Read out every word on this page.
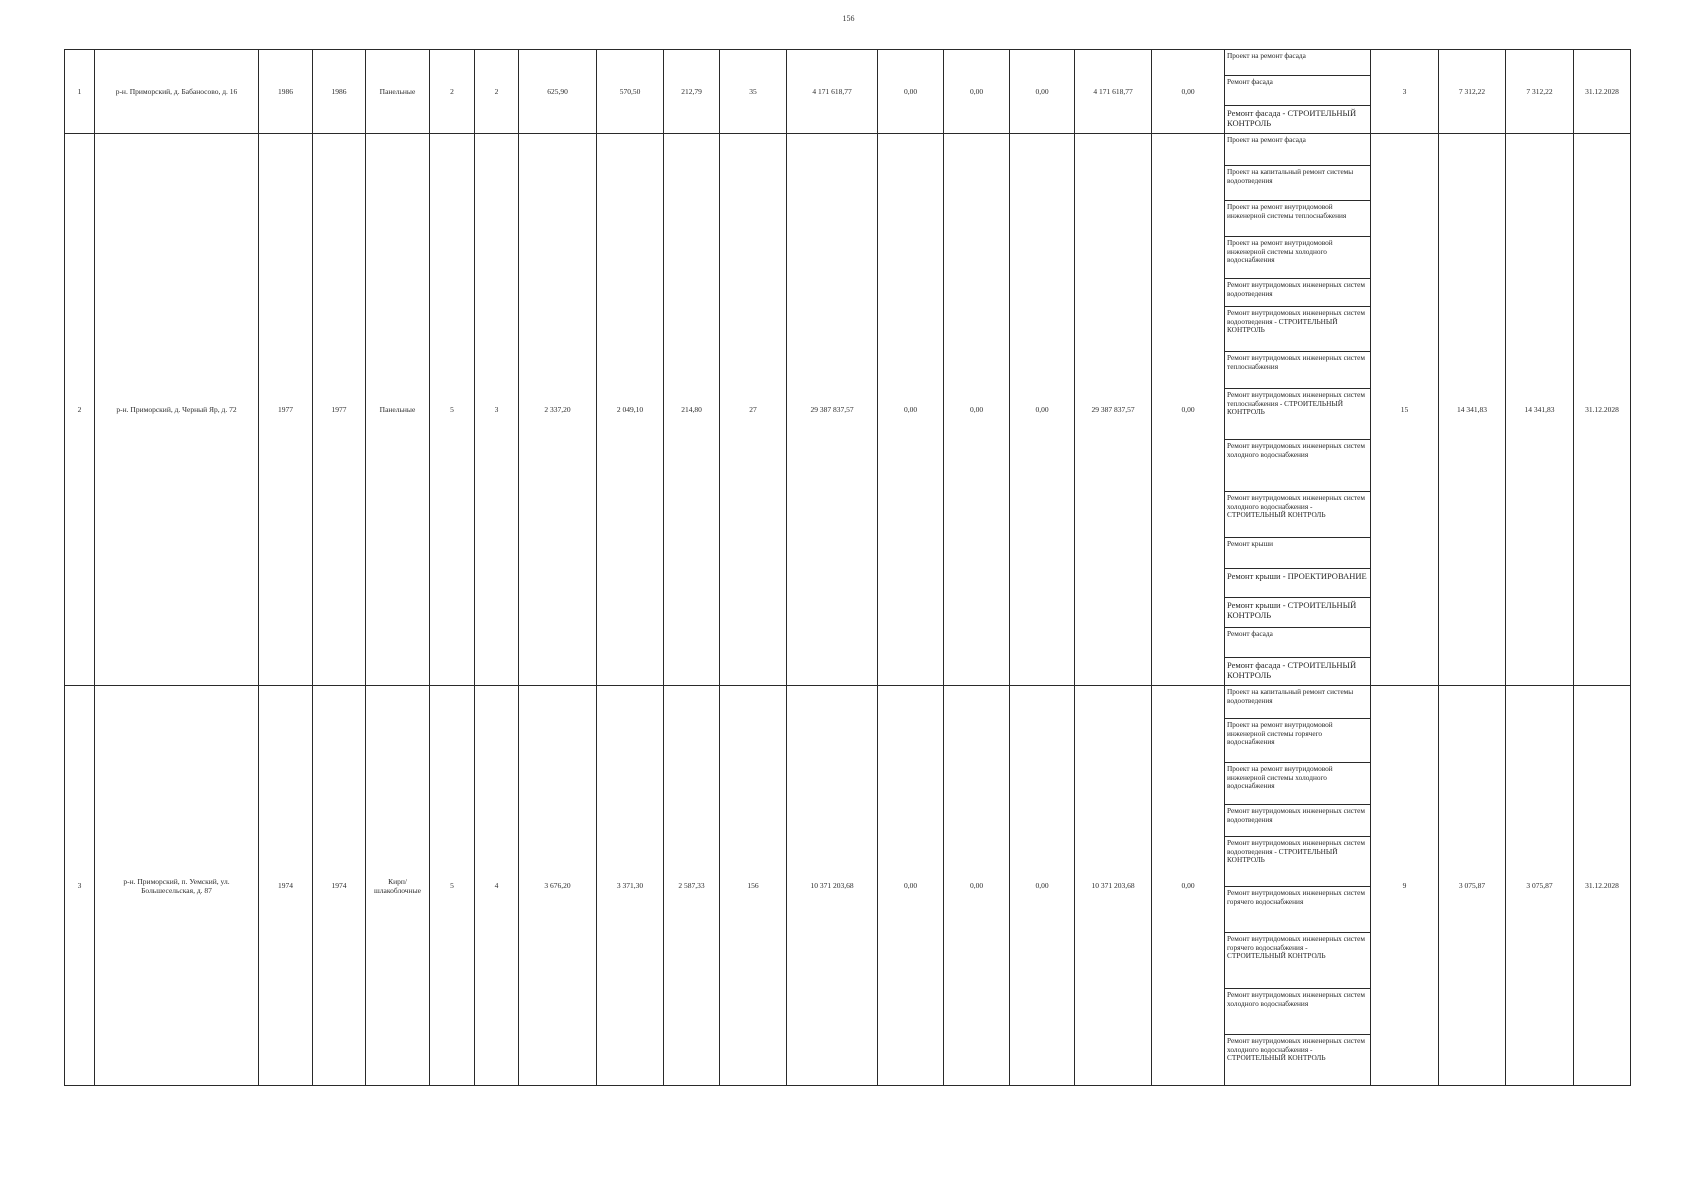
156
1	р-н. Приморский, д. Бабаносово, д. 16	1986	1986	Панельные	2	2	625,90	570,50	212,79	35	4 171 618,77	0,00	0,00	0,00	4 171 618,77	0,00	Проект на ремонт фасада	3	7 312,22	7 312,22	31.12.2028

																	Ремонт фасада				

																	Ремонт фасада - СТРОИТЕЛЬНЫЙ КОНТРОЛЬ				

2	р-н. Приморский, д. Черный Яр, д. 72	1977	1977	Панельные	5	3	2 337,20	2 049,10	214,80	27	29 387 837,57	0,00	0,00	0,00	29 387 837,57	0,00	Проект на ремонт фасада	15	14 341,83	14 341,83	31.12.2028

																	Проект на капитальный ремонт системы водоотведения				

																	Проект на ремонт внутридомовой инженерной системы теплоснабжения				

																	Проект на ремонт внутридомовой инженерной системы холодного водоснабжения				

																	Ремонт внутридомовых инженерных систем водоотведения				

																	Ремонт внутридомовых инженерных систем водоотведения - СТРОИТЕЛЬНЫЙ КОНТРОЛЬ				

																	Ремонт внутридомовых инженерных систем теплоснабжения				

																	Ремонт внутридомовых инженерных систем теплоснабжения - СТРОИТЕЛЬНЫЙ КОНТРОЛЬ				

																	Ремонт внутридомовых инженерных систем холодного водоснабжения				

																	Ремонт внутридомовых инженерных систем холодного водоснабжения - СТРОИТЕЛЬНЫЙ КОНТРОЛЬ				

																	Ремонт крыши				

																	Ремонт крыши - ПРОЕКТИРОВАНИЕ				

																	Ремонт крыши - СТРОИТЕЛЬНЫЙ КОНТРОЛЬ				

																	Ремонт фасада				

																	Ремонт фасада - СТРОИТЕЛЬНЫЙ КОНТРОЛЬ				

3	р-н. Приморский, п. Уемский, ул. Большесельская, д. 87	1974	1974	Кирп/ шлакоблочные	5	4	3 676,20	3 371,30	2 587,33	156	10 371 203,68	0,00	0,00	0,00	10 371 203,68	0,00	Проект на капитальный ремонт системы водоотведения	9	3 075,87	3 075,87	31.12.2028

																	Проект на ремонт внутридомовой инженерной системы горячего водоснабжения				

																	Проект на ремонт внутридомовой инженерной системы холодного водоснабжения				

																	Ремонт внутридомовых инженерных систем водоотведения				

																	Ремонт внутридомовых инженерных систем водоотведения - СТРОИТЕЛЬНЫЙ КОНТРОЛЬ				

																	Ремонт внутридомовых инженерных систем горячего водоснабжения				

																	Ремонт внутридомовых инженерных систем горячего водоснабжения - СТРОИТЕЛЬНЫЙ КОНТРОЛЬ				

																	Ремонт внутридомовых инженерных систем холодного водоснабжения				

																	Ремонт внутридомовых инженерных систем холодного водоснабжения - СТРОИТЕЛЬНЫЙ КОНТРОЛЬ				
